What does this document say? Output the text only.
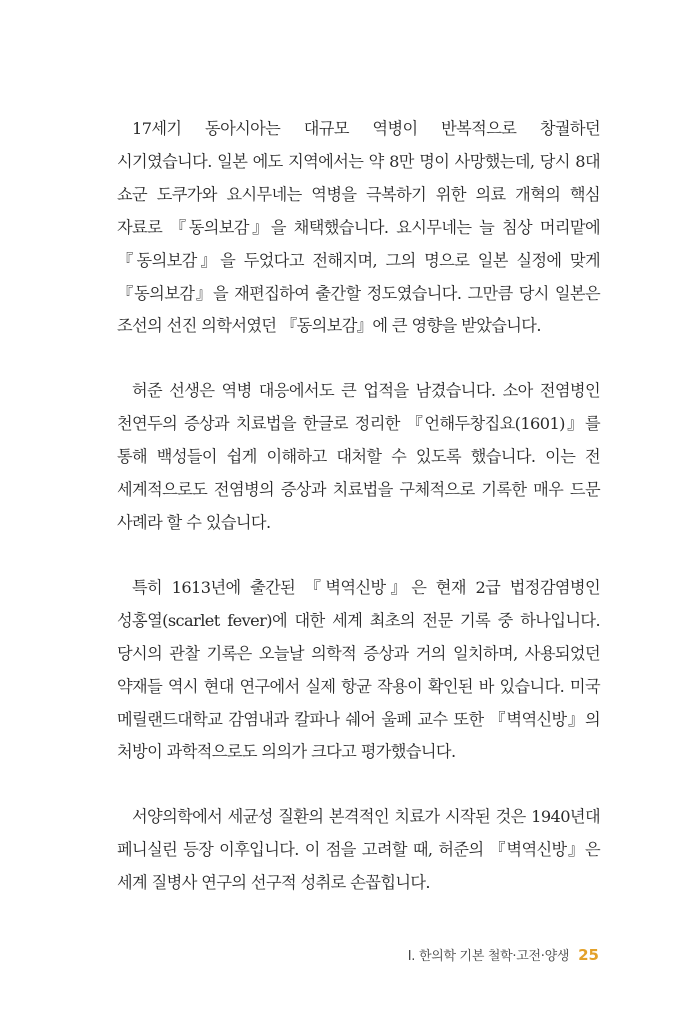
17세기 동아시아는 대규모 역병이 반복적으로 창궐하던 시기였습니다. 일본 에도 지역에서는 약 8만 명이 사망했는데, 당시 8대 쇼군 도쿠가와 요시무네는 역병을 극복하기 위한 의료 개혁의 핵심 자료로 『동의보감』을 채택했습니다. 요시무네는 늘 침상 머리맡에 『동의보감』을 두었다고 전해지며, 그의 명으로 일본 실정에 맞게 『동의보감』을 재편집하여 출간할 정도였습니다. 그만큼 당시 일본은 조선의 선진 의학서였던 『동의보감』에 큰 영향을 받았습니다.

허준 선생은 역병 대응에서도 큰 업적을 남겼습니다. 소아 전염병인 천연두의 증상과 치료법을 한글로 정리한 『언해두창집요(1601)』를 통해 백성들이 쉽게 이해하고 대처할 수 있도록 했습니다. 이는 전 세계적으로도 전염병의 증상과 치료법을 구체적으로 기록한 매우 드문 사례라 할 수 있습니다.

특히 1613년에 출간된 『벽역신방』은 현재 2급 법정감염병인 성홍열(scarlet fever)에 대한 세계 최초의 전문 기록 중 하나입니다. 당시의 관찰 기록은 오늘날 의학적 증상과 거의 일치하며, 사용되었던 약재들 역시 현대 연구에서 실제 항균 작용이 확인된 바 있습니다. 미국 메릴랜드대학교 감염내과 칼파나 쉐어 울페 교수 또한 『벽역신방』의 처방이 과학적으로도 의의가 크다고 평가했습니다.

서양의학에서 세균성 질환의 본격적인 치료가 시작된 것은 1940년대 페니실린 등장 이후입니다. 이 점을 고려할 때, 허준의 『벽역신방』은 세계 질병사 연구의 선구적 성취로 손꼽힙니다.

Ⅰ. 한의학 기본 철학·고전·양생 25
